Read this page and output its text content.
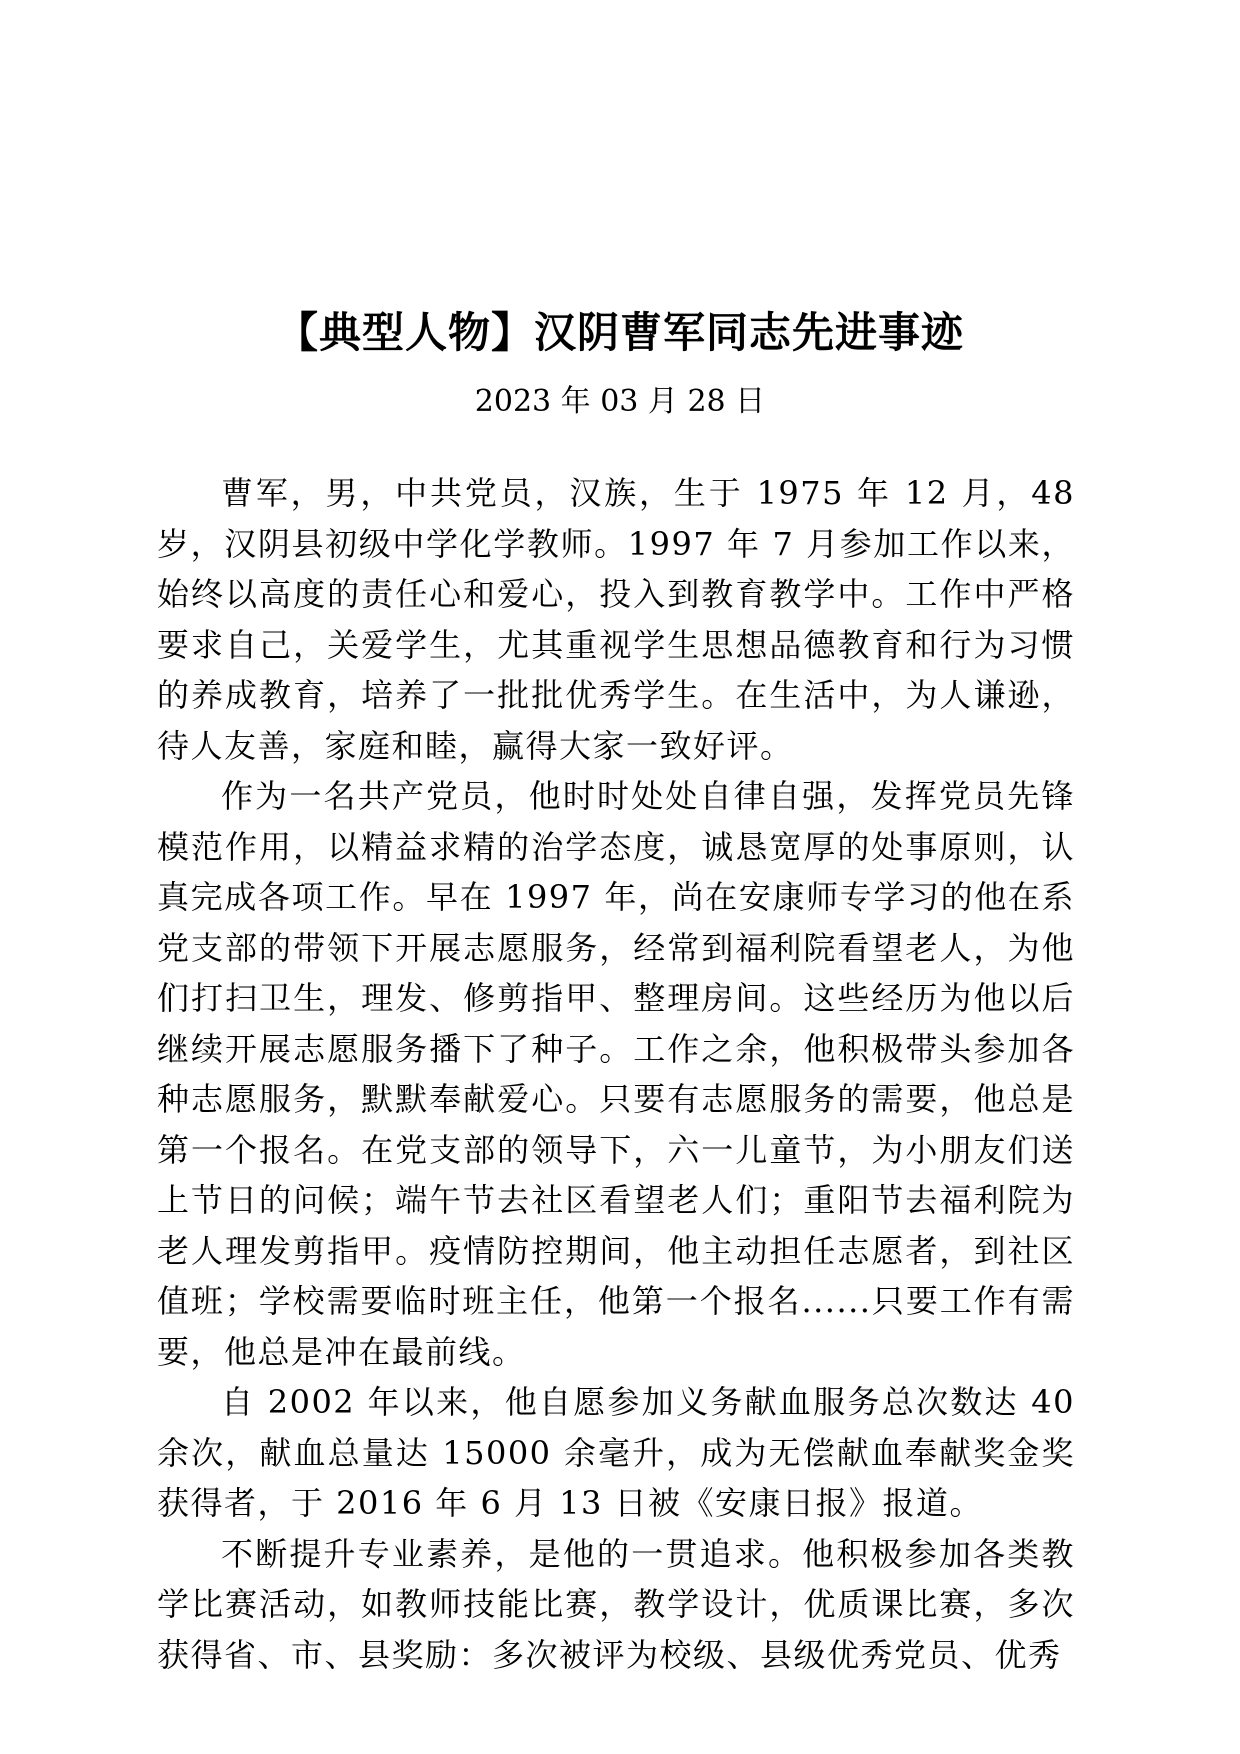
【典型人物】汉阴曹军同志先进事迹

2023 年 03 月 28 日

曹军，男，中共党员，汉族，生于 1975 年 12 月，48 岁，汉阴县初级中学化学教师。1997 年 7 月参加工作以来，始终以高度的责任心和爱心，投入到教育教学中。工作中严格要求自己，关爱学生，尤其重视学生思想品德教育和行为习惯的养成教育，培养了一批批优秀学生。在生活中，为人谦逊，待人友善，家庭和睦，赢得大家一致好评。

作为一名共产党员，他时时处处自律自强，发挥党员先锋模范作用，以精益求精的治学态度，诚恳宽厚的处事原则，认真完成各项工作。早在 1997 年，尚在安康师专学习的他在系党支部的带领下开展志愿服务，经常到福利院看望老人，为他们打扫卫生，理发、修剪指甲、整理房间。这些经历为他以后继续开展志愿服务播下了种子。工作之余，他积极带头参加各种志愿服务，默默奉献爱心。只要有志愿服务的需要，他总是第一个报名。在党支部的领导下，六一儿童节，为小朋友们送上节日的问候；端午节去社区看望老人们；重阳节去福利院为老人理发剪指甲。疫情防控期间，他主动担任志愿者，到社区值班；学校需要临时班主任，他第一个报名......只要工作有需要，他总是冲在最前线。

自 2002 年以来，他自愿参加义务献血服务总次数达 40 余次，献血总量达 15000 余毫升，成为无偿献血奉献奖金奖获得者，于 2016 年 6 月 13 日被《安康日报》报道。

不断提升专业素养，是他的一贯追求。他积极参加各类教学比赛活动，如教师技能比赛，教学设计，优质课比赛，多次获得省、市、县奖励：多次被评为校级、县级优秀党员、优秀
